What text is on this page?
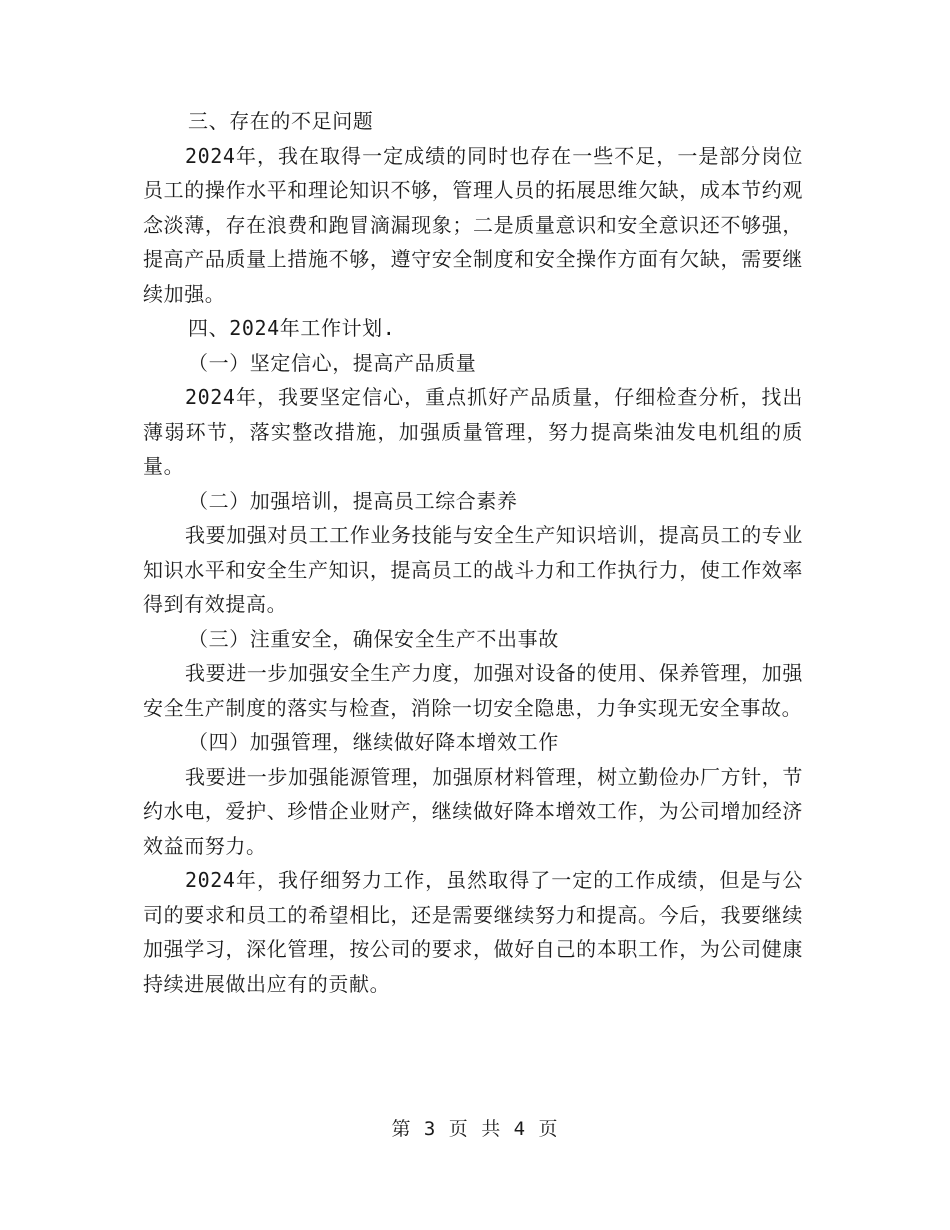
三、存在的不足问题

2024年，我在取得一定成绩的同时也存在一些不足，一是部分岗位员工的操作水平和理论知识不够，管理人员的拓展思维欠缺，成本节约观念淡薄，存在浪费和跑冒滴漏现象；二是质量意识和安全意识还不够强，提高产品质量上措施不够，遵守安全制度和安全操作方面有欠缺，需要继续加强。

四、2024年工作计划.

（一）坚定信心，提高产品质量

2024年，我要坚定信心，重点抓好产品质量，仔细检查分析，找出薄弱环节，落实整改措施，加强质量管理，努力提高柴油发电机组的质量。

（二）加强培训，提高员工综合素养

我要加强对员工工作业务技能与安全生产知识培训，提高员工的专业知识水平和安全生产知识，提高员工的战斗力和工作执行力，使工作效率得到有效提高。

（三）注重安全，确保安全生产不出事故

我要进一步加强安全生产力度，加强对设备的使用、保养管理，加强安全生产制度的落实与检查，消除一切安全隐患，力争实现无安全事故。

（四）加强管理，继续做好降本增效工作

我要进一步加强能源管理，加强原材料管理，树立勤俭办厂方针，节约水电，爱护、珍惜企业财产，继续做好降本增效工作，为公司增加经济效益而努力。

2024年，我仔细努力工作，虽然取得了一定的工作成绩，但是与公司的要求和员工的希望相比，还是需要继续努力和提高。今后，我要继续加强学习，深化管理，按公司的要求，做好自己的本职工作，为公司健康持续进展做出应有的贡献。

第 3 页 共 4 页
